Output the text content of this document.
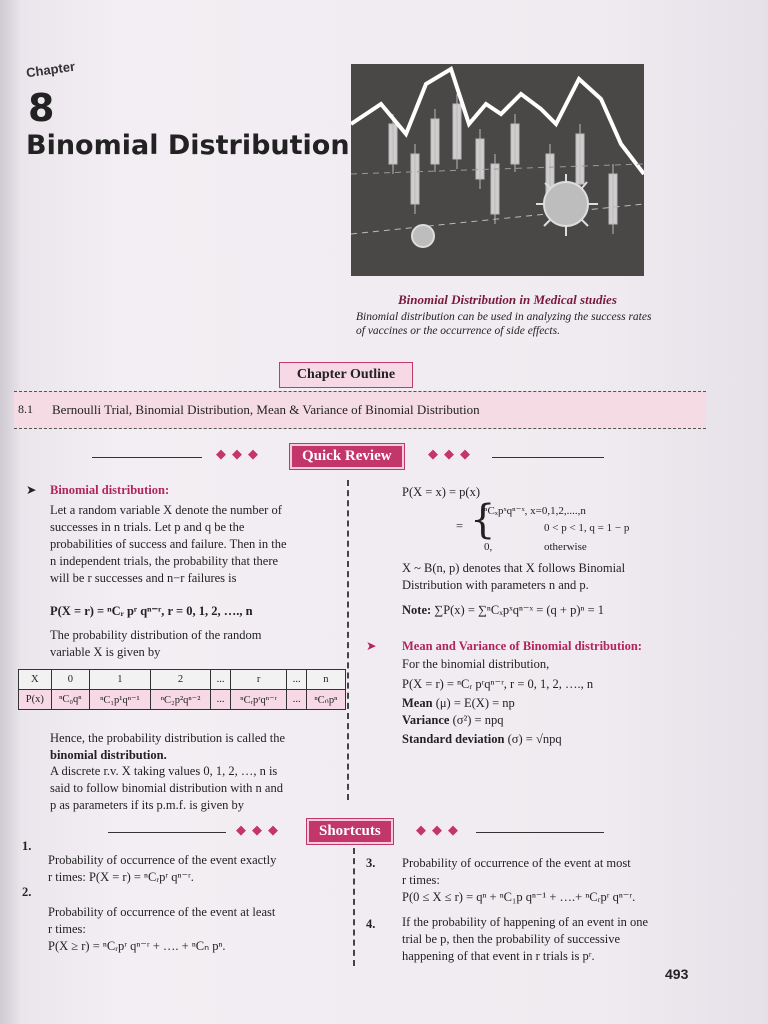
Chapter
8
Binomial Distribution
Binomial Distribution in Medical studies
Binomial distribution can be used in analyzing the success rates
of vaccines or the occurrence of side effects.
Chapter Outline
8.1 Bernoulli Trial, Binomial Distribution, Mean & Variance of Binomial Distribution
◆◆◆	Quick Review	◆◆◆
➤ Binomial distribution:
Let a random variable X denote the number of
successes in n trials. Let p and q be the
probabilities of success and failure. Then in the
n independent trials, the probability that there
will be r successes and n−r failures is
P(X = r) = ⁿCᵣ pʳ qⁿ⁻ʳ, r = 0, 1, 2, …., n
The probability distribution of the random
variable X is given by
X	0	1	2	...	r	...	n
P(x)	ⁿC₀qⁿ	ⁿC₁p¹qⁿ⁻¹	ⁿC₂p²qⁿ⁻²	...	ⁿCᵣpʳqⁿ⁻ʳ	...	ⁿCₙpⁿ
Hence, the probability distribution is called the
binomial distribution.
A discrete r.v. X taking values 0, 1, 2, …, n is
said to follow binomial distribution with n and
p as parameters if its p.m.f. is given by
P(X = x) = p(x)
= {
ⁿCₓpˣqⁿ⁻ˣ, x=0,1,2,....,n
0 < p < 1, q = 1 − p
0,	otherwise
X ~ B(n, p) denotes that X follows Binomial
Distribution with parameters n and p.
Note: ∑P(x) = ∑ⁿCₓpˣqⁿ⁻ˣ = (q + p)ⁿ = 1
➤ Mean and Variance of Binomial distribution:
For the binomial distribution,
P(X = r) = ⁿCᵣ pʳqⁿ⁻ʳ, r = 0, 1, 2, …., n
Mean (μ) = E(X) = np
Variance (σ²) = npq
Standard deviation (σ) = √npq
◆◆◆	Shortcuts	◆◆◆
1.
Probability of occurrence of the event exactly
r times: P(X = r) = ⁿCᵣpʳ qⁿ⁻ʳ.
2.
Probability of occurrence of the event at least
r times:
P(X ≥ r) = ⁿCᵣpʳ qⁿ⁻ʳ + …. + ⁿCₙ pⁿ.
3. Probability of occurrence of the event at most
r times:
P(0 ≤ X ≤ r) = qⁿ + ⁿC₁p qⁿ⁻¹ + ….+ ⁿCᵣpʳ qⁿ⁻ʳ.
4. If the probability of happening of an event in one
trial be p, then the probability of successive
happening of that event in r trials is pʳ.
493
